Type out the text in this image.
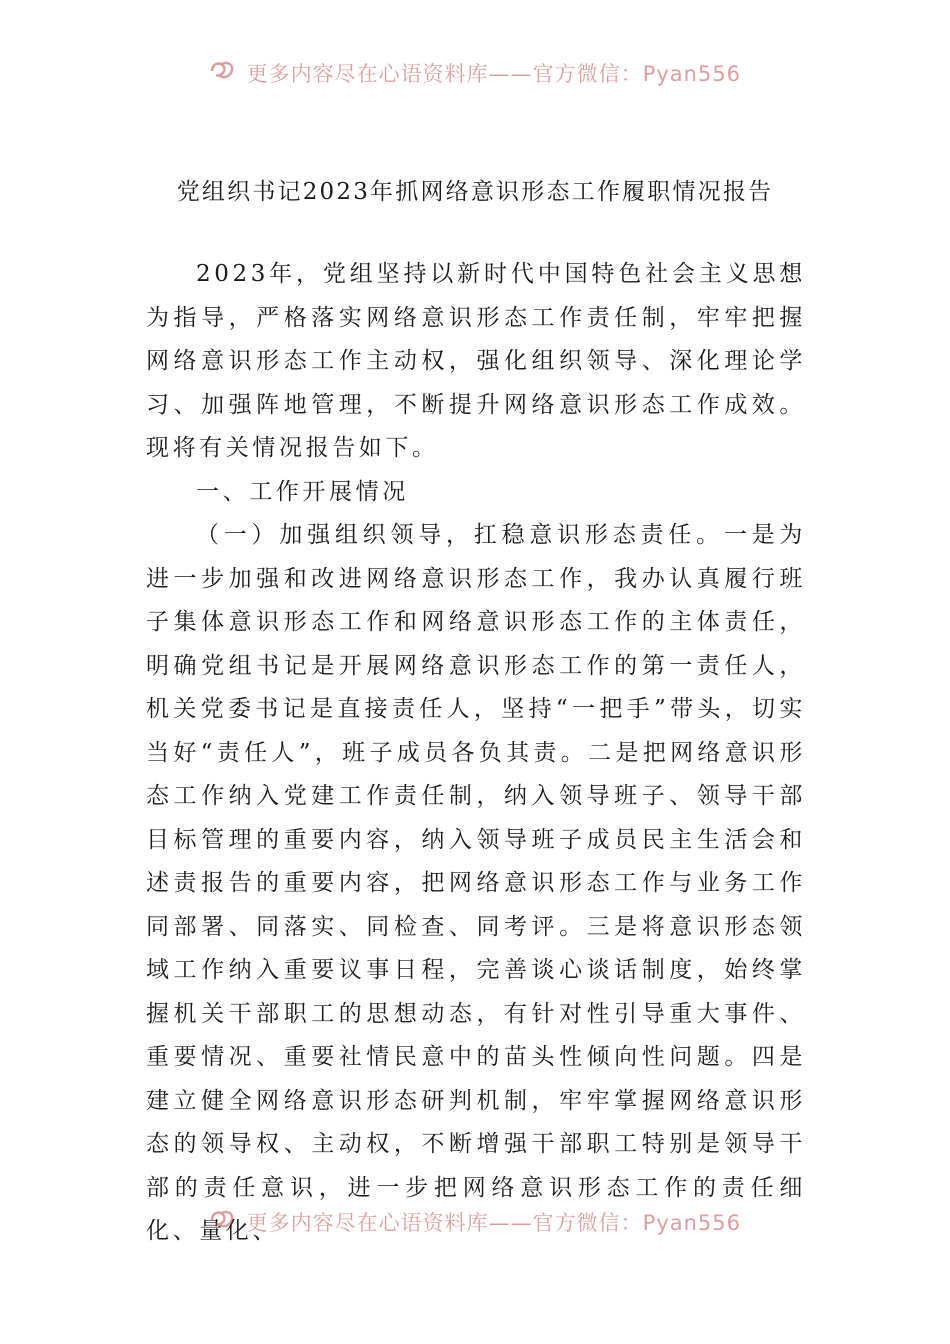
更多内容尽在心语资料库——官方微信：Pyan556
党组织书记2023年抓网络意识形态工作履职情况报告

2023年，党组坚持以新时代中国特色社会主义思想为指导，严格落实网络意识形态工作责任制，牢牢把握网络意识形态工作主动权，强化组织领导、深化理论学习、加强阵地管理，不断提升网络意识形态工作成效。现将有关情况报告如下。

一、工作开展情况

（一）加强组织领导，扛稳意识形态责任。一是为进一步加强和改进网络意识形态工作，我办认真履行班子集体意识形态工作和网络意识形态工作的主体责任，明确党组书记是开展网络意识形态工作的第一责任人，机关党委书记是直接责任人，坚持“一把手”带头，切实当好“责任人”，班子成员各负其责。二是把网络意识形态工作纳入党建工作责任制，纳入领导班子、领导干部目标管理的重要内容，纳入领导班子成员民主生活会和述责报告的重要内容，把网络意识形态工作与业务工作同部署、同落实、同检查、同考评。三是将意识形态领域工作纳入重要议事日程，完善谈心谈话制度，始终掌握机关干部职工的思想动态，有针对性引导重大事件、重要情况、重要社情民意中的苗头性倾向性问题。四是建立健全网络意识形态研判机制，牢牢掌握网络意识形态的领导权、主动权，不断增强干部职工特别是领导干部的责任意识，进一步把网络意识形态工作的责任细化、量化、

更多内容尽在心语资料库——官方微信：Pyan556
